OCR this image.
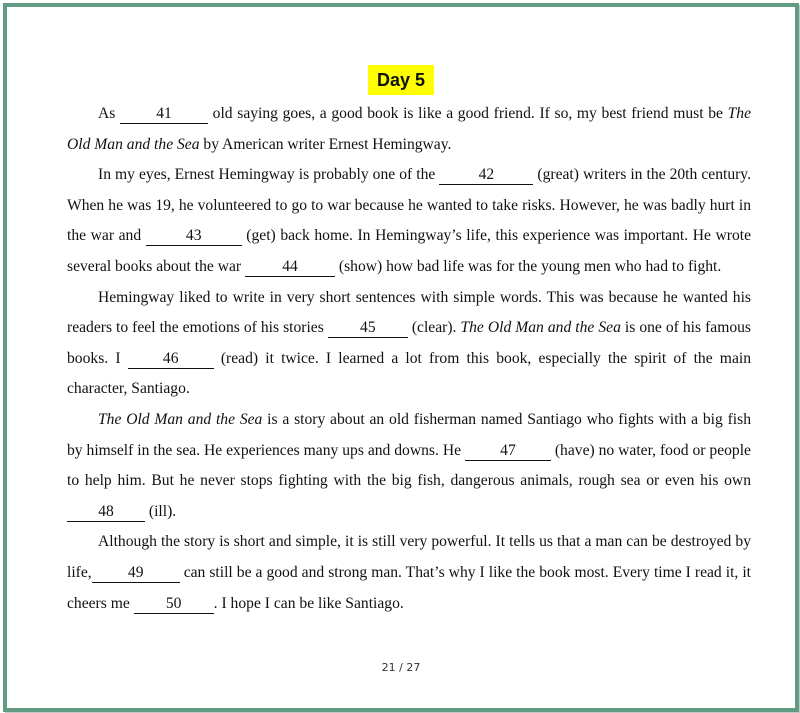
Day 5

As 41 old saying goes, a good book is like a good friend. If so, my best friend must be The Old Man and the Sea by American writer Ernest Hemingway.

In my eyes, Ernest Hemingway is probably one of the	42	(great) writers in the 20th century. When he was 19, he volunteered to go to war because he wanted to take risks. However, he was badly hurt in the war and	43	(get) back home. In Hemingway’s life, this experience was important. He wrote several books about the war 44 (show) how bad life was for the young men who had to fight.

Hemingway liked to write in very short sentences with simple words. This was because he wanted his readers to feel the emotions of his stories 45 (clear). The Old Man and the Sea is one of his famous books. I 46 (read) it twice. I learned a lot from this book, especially the spirit of the main character, Santiago.

The Old Man and the Sea is a story about an old fisherman named Santiago who fights with a big fish by himself in the sea. He experiences many ups and downs. He 47 (have) no water, food or people to help him. But he never stops fighting with the big fish, dangerous animals, rough sea or even his own 48 (ill).

Although the story is short and simple, it is still very powerful. It tells us that a man can be destroyed by life, 49 can still be a good and strong man. That’s why I like the book most. Every time I read it, it cheers me 50 . I hope I can be like Santiago.

21 / 27
